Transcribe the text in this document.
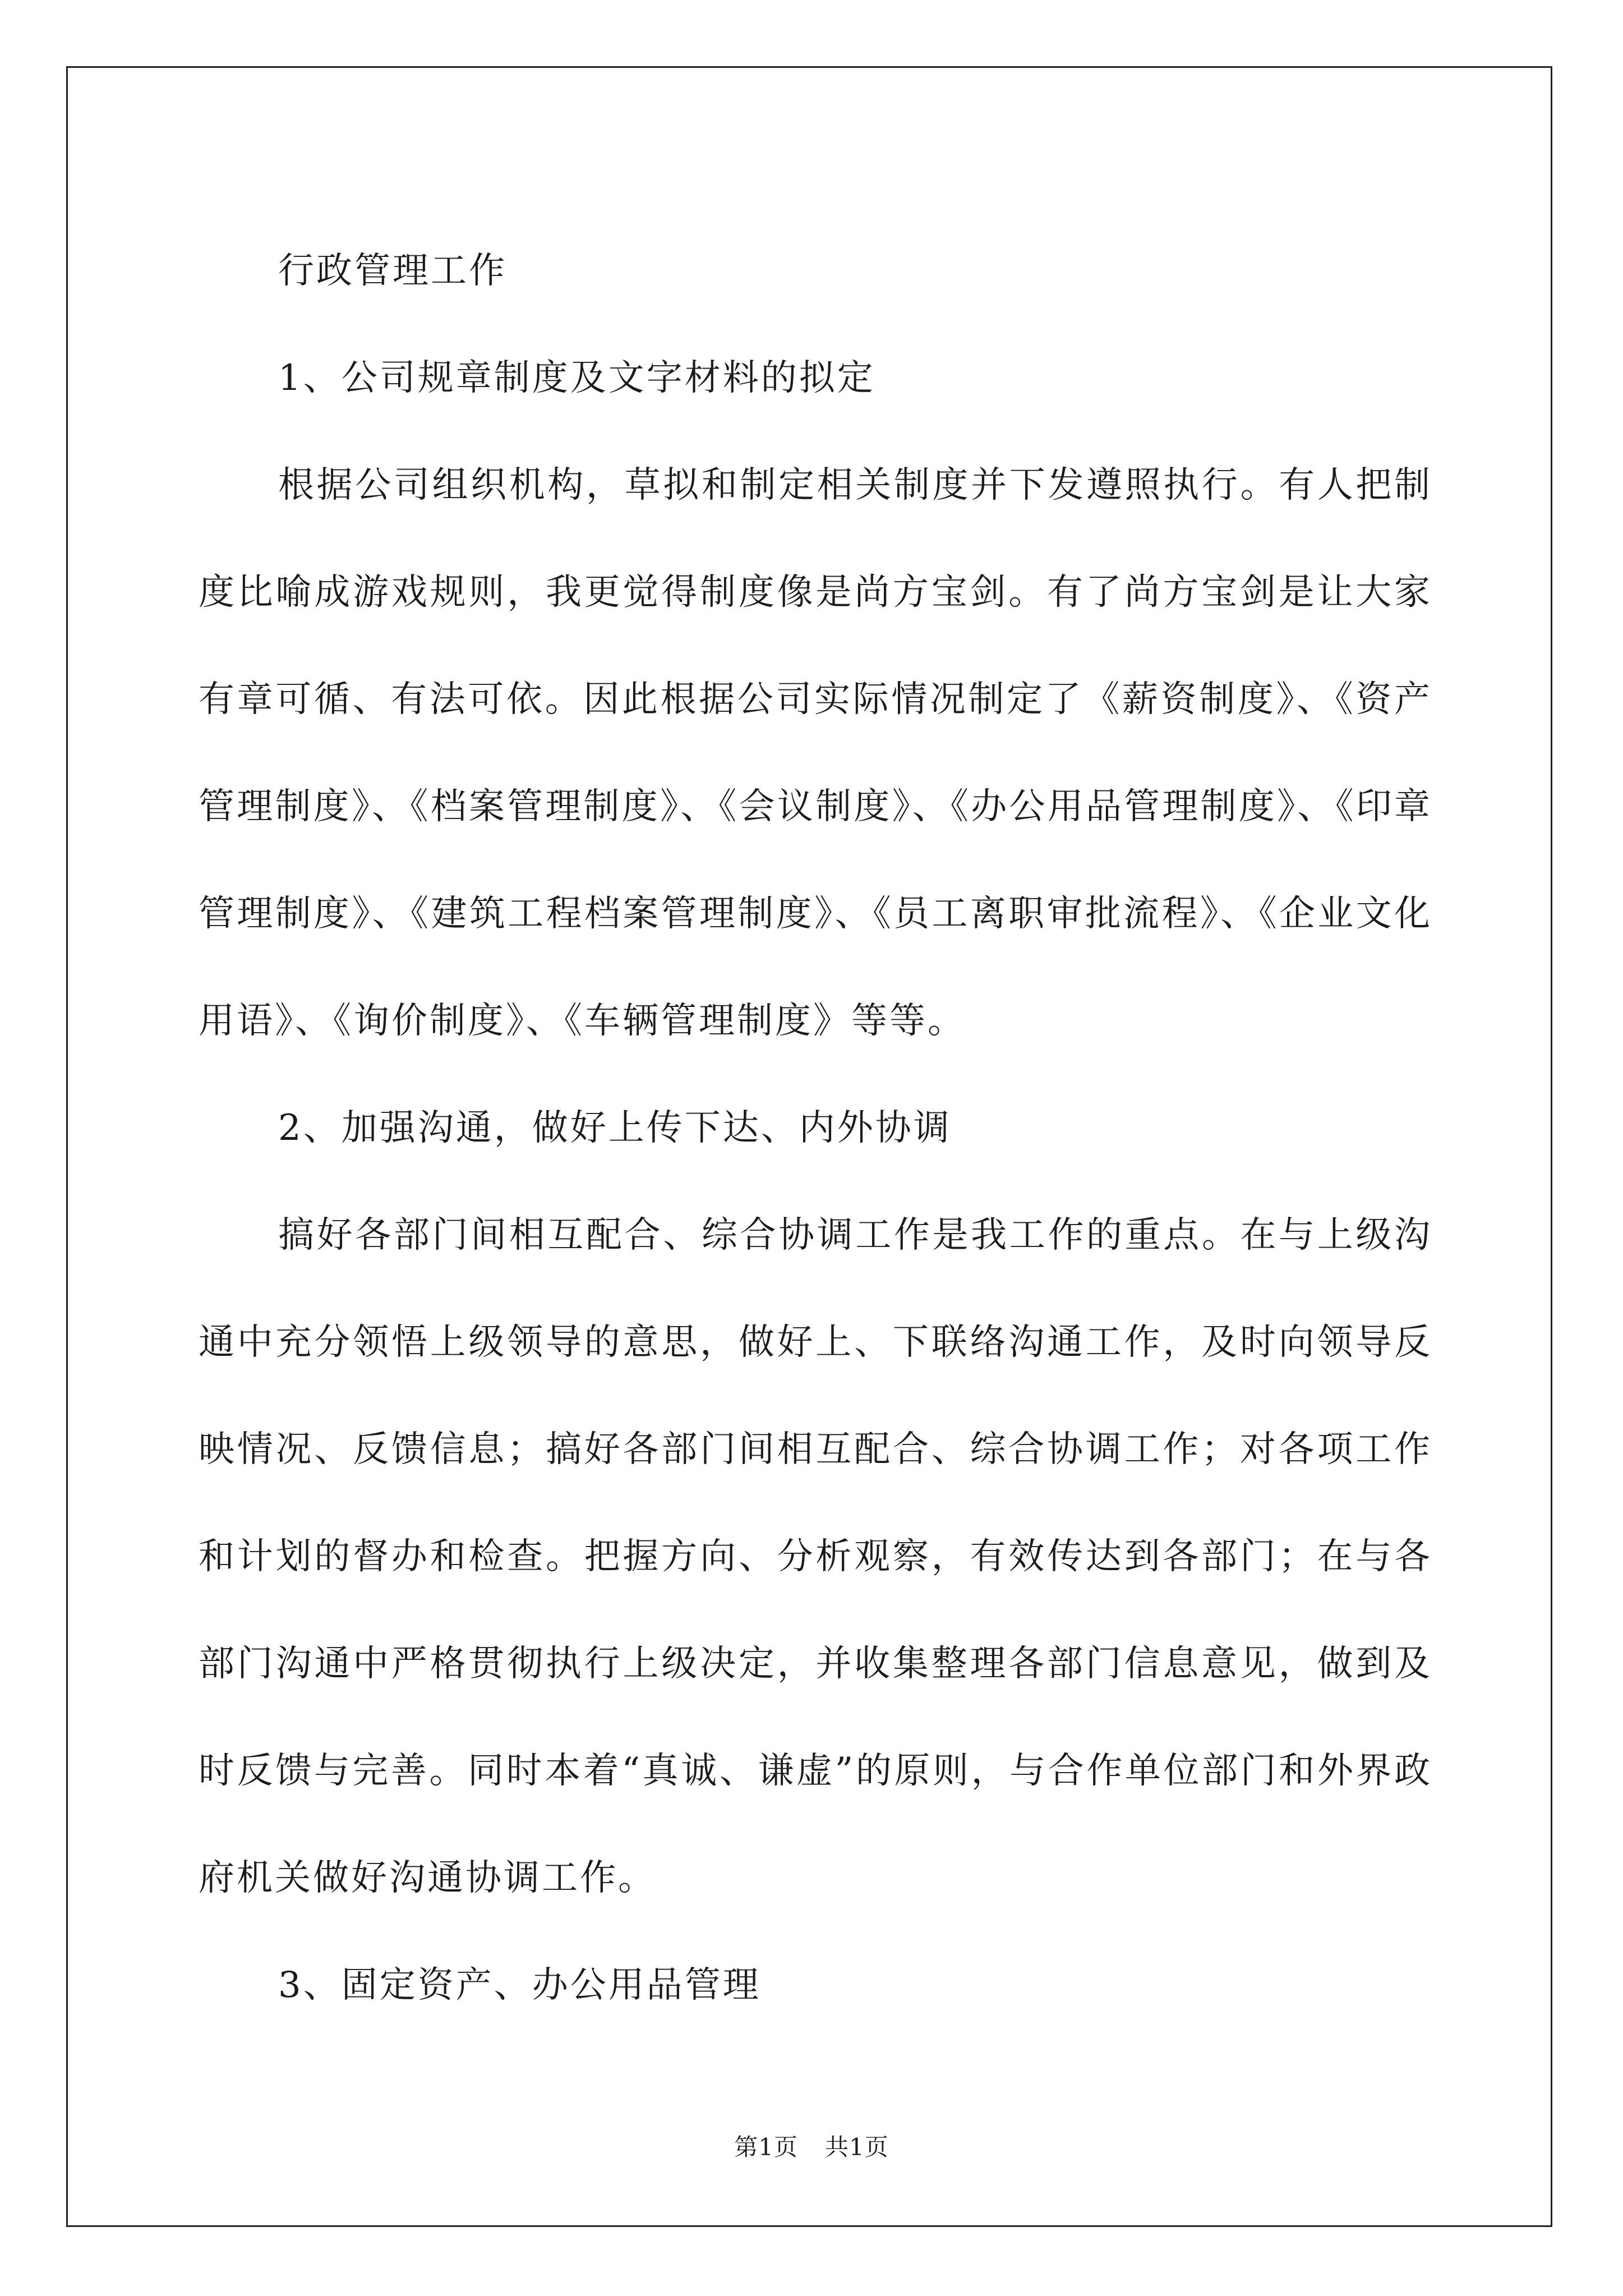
行政管理工作

1、公司规章制度及文字材料的拟定

根据公司组织机构，草拟和制定相关制度并下发遵照执行。有人把制度比喻成游戏规则，我更觉得制度像是尚方宝剑。有了尚方宝剑是让大家有章可循、有法可依。因此根据公司实际情况制定了《薪资制度》、《资产管理制度》、《档案管理制度》、《会议制度》、《办公用品管理制度》、《印章管理制度》、《建筑工程档案管理制度》、《员工离职审批流程》、《企业文化用语》、《询价制度》、《车辆管理制度》等等。

2、加强沟通，做好上传下达、内外协调

搞好各部门间相互配合、综合协调工作是我工作的重点。在与上级沟通中充分领悟上级领导的意思，做好上、下联络沟通工作，及时向领导反映情况、反馈信息；搞好各部门间相互配合、综合协调工作；对各项工作和计划的督办和检查。把握方向、分析观察，有效传达到各部门；在与各部门沟通中严格贯彻执行上级决定，并收集整理各部门信息意见，做到及时反馈与完善。同时本着“真诚、谦虚”的原则，与合作单位部门和外界政府机关做好沟通协调工作。

3、固定资产、办公用品管理

第1页 共1页
